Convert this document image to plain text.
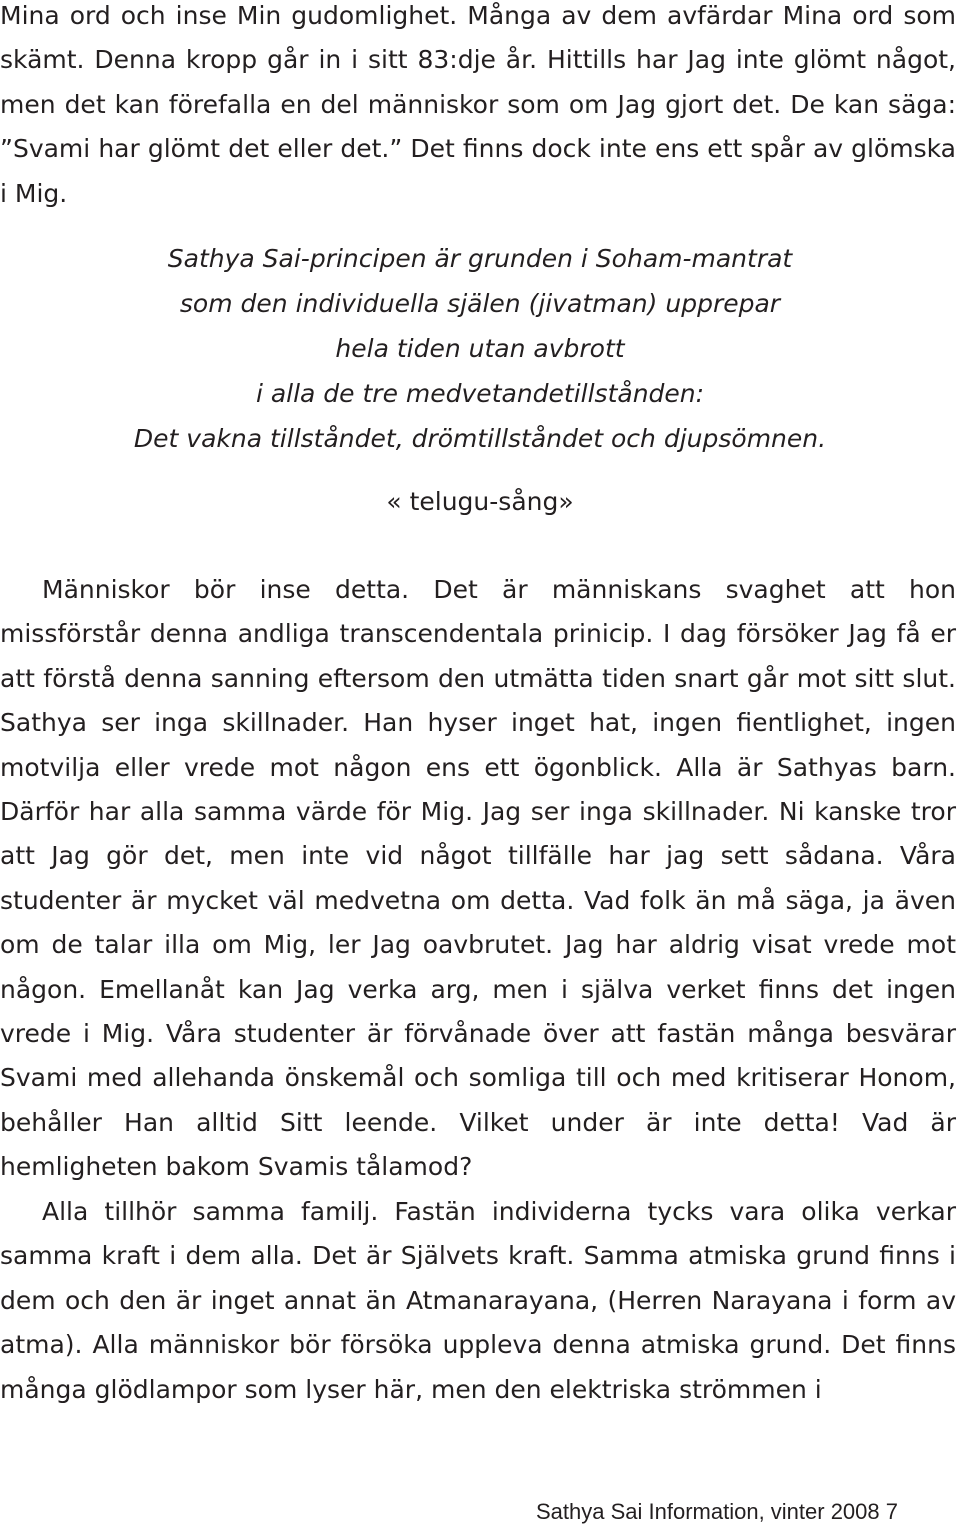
Mina ord och inse Min gudomlighet. Många av dem avfärdar Mina ord som skämt. Denna kropp går in i sitt 83:dje år. Hittills har Jag inte glömt något, men det kan förefalla en del människor som om Jag gjort det. De kan säga: ”Svami har glömt det eller det.” Det finns dock inte ens ett spår av glömska i Mig.

Sathya Sai-principen är grunden i Soham-mantrat
som den individuella själen (jivatman) upprepar
hela tiden utan avbrott
i alla de tre medvetandetillstånden:
Det vakna tillståndet, drömtillståndet och djupsömnen.
« telugu-sång»

Människor bör inse detta. Det är människans svaghet att hon missförstår denna andliga transcendentala prinicip. I dag försöker Jag få er att förstå denna sanning eftersom den utmätta tiden snart går mot sitt slut. Sathya ser inga skillnader. Han hyser inget hat, ingen fientlighet, ingen motvilja eller vrede mot någon ens ett ögonblick. Alla är Sathyas barn. Därför har alla samma värde för Mig. Jag ser inga skillnader. Ni kanske tror att Jag gör det, men inte vid något tillfälle har jag sett sådana. Våra studenter är mycket väl medvetna om detta. Vad folk än må säga, ja även om de talar illa om Mig, ler Jag oavbrutet. Jag har aldrig visat vrede mot någon. Emellanåt kan Jag verka arg, men i själva verket finns det ingen vrede i Mig. Våra studenter är förvånade över att fastän många besvärar Svami med allehanda önskemål och somliga till och med kritiserar Honom, behåller Han alltid Sitt leende. Vilket under är inte detta! Vad är hemligheten bakom Svamis tålamod?

Alla tillhör samma familj. Fastän individerna tycks vara olika verkar samma kraft i dem alla. Det är Självets kraft. Samma atmiska grund finns i dem och den är inget annat än Atmanarayana, (Herren Narayana i form av atma). Alla människor bör försöka uppleva denna atmiska grund. Det finns många glödlampor som lyser här, men den elektriska strömmen i

Sathya Sai Information, vinter 2008 7
